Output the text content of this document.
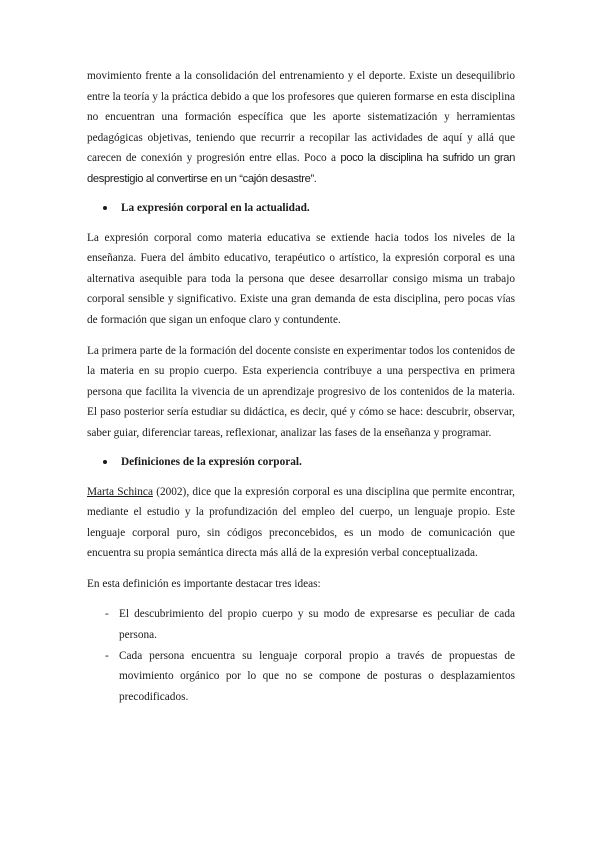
movimiento frente a la consolidación del entrenamiento y el deporte. Existe un desequilibrio entre la teoría y la práctica debido a que los profesores que quieren formarse en esta disciplina no encuentran una formación específica que les aporte sistematización y herramientas pedagógicas objetivas, teniendo que recurrir a recopilar las actividades de aquí y allá que carecen de conexión y progresión entre ellas. Poco a poco la disciplina ha sufrido un gran desprestigio al convertirse en un “cajón desastre”.

La expresión corporal en la actualidad.

La expresión corporal como materia educativa se extiende hacia todos los niveles de la enseñanza. Fuera del ámbito educativo, terapéutico o artístico, la expresión corporal es una alternativa asequible para toda la persona que desee desarrollar consigo misma un trabajo corporal sensible y significativo. Existe una gran demanda de esta disciplina, pero pocas vías de formación que sigan un enfoque claro y contundente.

La primera parte de la formación del docente consiste en experimentar todos los contenidos de la materia en su propio cuerpo. Esta experiencia contribuye a una perspectiva en primera persona que facilita la vivencia de un aprendizaje progresivo de los contenidos de la materia. El paso posterior sería estudiar su didáctica, es decir, qué y cómo se hace: descubrir, observar, saber guiar, diferenciar tareas, reflexionar, analizar las fases de la enseñanza y programar.

Definiciones de la expresión corporal.

Marta Schinca (2002), dice que la expresión corporal es una disciplina que permite encontrar, mediante el estudio y la profundización del empleo del cuerpo, un lenguaje propio. Este lenguaje corporal puro, sin códigos preconcebidos, es un modo de comunicación que encuentra su propia semántica directa más allá de la expresión verbal conceptualizada.

En esta definición es importante destacar tres ideas:

- El descubrimiento del propio cuerpo y su modo de expresarse es peculiar de cada persona.
- Cada persona encuentra su lenguaje corporal propio a través de propuestas de movimiento orgánico por lo que no se compone de posturas o desplazamientos precodificados.
